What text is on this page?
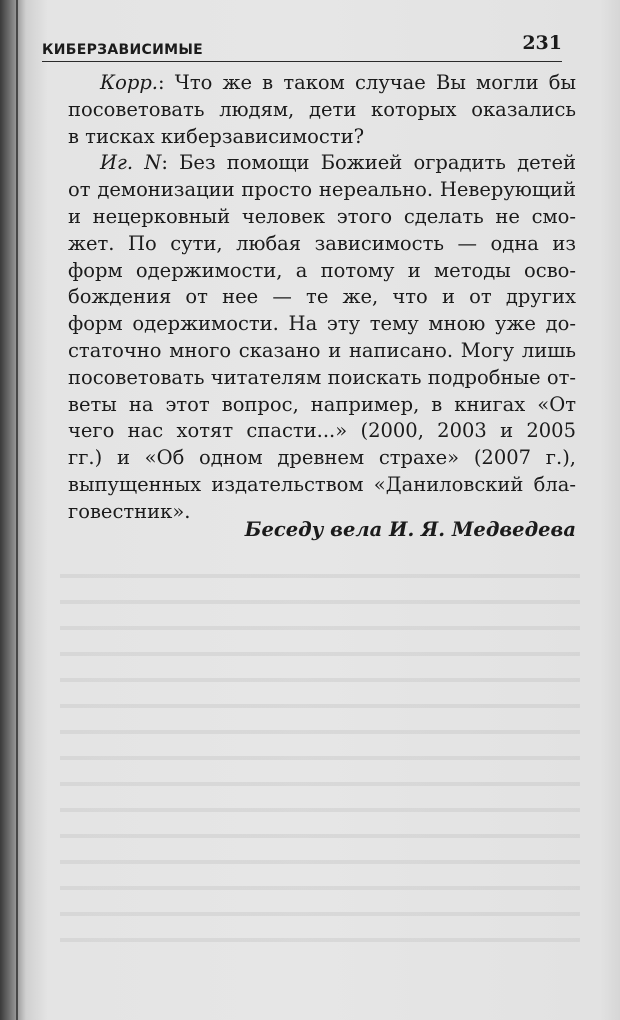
КИБЕРЗАВИСИМЫЕ	231
Корр.: Что же в таком случае Вы могли бы
посоветовать людям, дети которых оказались
в тисках киберзависимости?
Иг. N: Без помощи Божией оградить детей
от демонизации просто нереально. Неверующий
и нецерковный человек этого сделать не смо-
жет. По сути, любая зависимость — одна из
форм одержимости, а потому и методы осво-
бождения от нее — те же, что и от других
форм одержимости. На эту тему мною уже до-
статочно много сказано и написано. Могу лишь
посоветовать читателям поискать подробные от-
веты на этот вопрос, например, в книгах «От
чего нас хотят спасти...» (2000, 2003 и 2005
гг.) и «Об одном древнем страхе» (2007 г.),
выпущенных издательством «Даниловский бла-
говестник».
Беседу вела И. Я. Медведева
